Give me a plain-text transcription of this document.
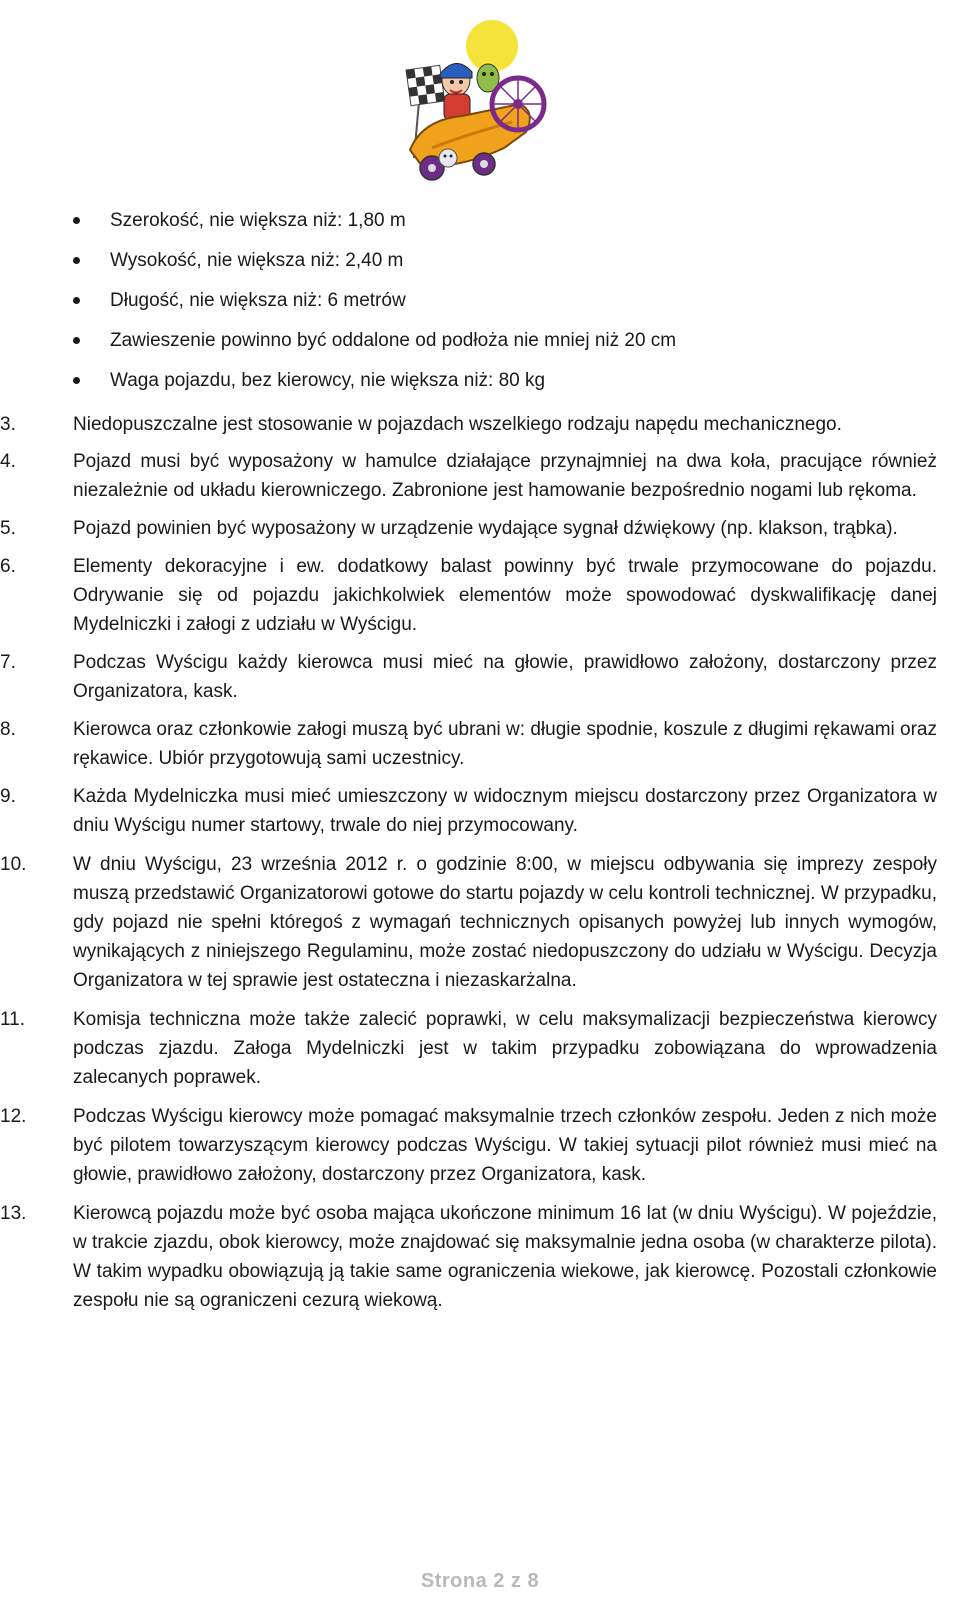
Szerokość, nie większa niż: 1,80 m
Wysokość, nie większa niż: 2,40 m
Długość, nie większa niż: 6 metrów
Zawieszenie powinno być oddalone od podłoża nie mniej niż 20 cm
Waga pojazdu, bez kierowcy, nie większa niż: 80 kg
3.	Niedopuszczalne jest stosowanie w pojazdach wszelkiego rodzaju napędu mechanicznego.
4.	Pojazd musi być wyposażony w hamulce działające przynajmniej na dwa koła, pracujące również niezależnie od układu kierowniczego. Zabronione jest hamowanie bezpośrednio nogami lub rękoma.
5.	Pojazd powinien być wyposażony w urządzenie wydające sygnał dźwiękowy (np. klakson, trąbka).
6.	Elementy dekoracyjne i ew. dodatkowy balast powinny być trwale przymocowane do pojazdu. Odrywanie się od pojazdu jakichkolwiek elementów może spowodować dyskwalifikację danej Mydelniczki i załogi z udziału w Wyścigu.
7.	Podczas Wyścigu każdy kierowca musi mieć na głowie, prawidłowo założony, dostarczony przez Organizatora, kask.
8.	Kierowca oraz członkowie załogi muszą być ubrani w: długie spodnie, koszule z długimi rękawami oraz rękawice. Ubiór przygotowują sami uczestnicy.
9.	Każda Mydelniczka musi mieć umieszczony w widocznym miejscu dostarczony przez Organizatora w dniu Wyścigu numer startowy, trwale do niej przymocowany.
10. W dniu Wyścigu, 23 września 2012 r. o godzinie 8:00, w miejscu odbywania się imprezy zespoły muszą przedstawić Organizatorowi gotowe do startu pojazdy w celu kontroli technicznej. W przypadku, gdy pojazd nie spełni któregoś z wymagań technicznych opisanych powyżej lub innych wymogów, wynikających z niniejszego Regulaminu, może zostać niedopuszczony do udziału w Wyścigu. Decyzja Organizatora w tej sprawie jest ostateczna i niezaskarżalna.
11.	Komisja techniczna może także zalecić poprawki, w celu maksymalizacji bezpieczeństwa kierowcy podczas zjazdu. Załoga Mydelniczki jest w takim przypadku zobowiązana do wprowadzenia zalecanych poprawek.
12. Podczas Wyścigu kierowcy może pomagać maksymalnie trzech członków zespołu. Jeden z nich może być pilotem towarzyszącym kierowcy podczas Wyścigu. W takiej sytuacji pilot również musi mieć na głowie, prawidłowo założony, dostarczony przez Organizatora, kask.
13. Kierowcą pojazdu może być osoba mająca ukończone minimum 16 lat (w dniu Wyścigu). W pojeździe, w trakcie zjazdu, obok kierowcy, może znajdować się maksymalnie jedna osoba (w charakterze pilota). W takim wypadku obowiązują ją takie same ograniczenia wiekowe, jak kierowcę. Pozostali członkowie zespołu nie są ograniczeni cezurą wiekową.
Strona 2 z 8
